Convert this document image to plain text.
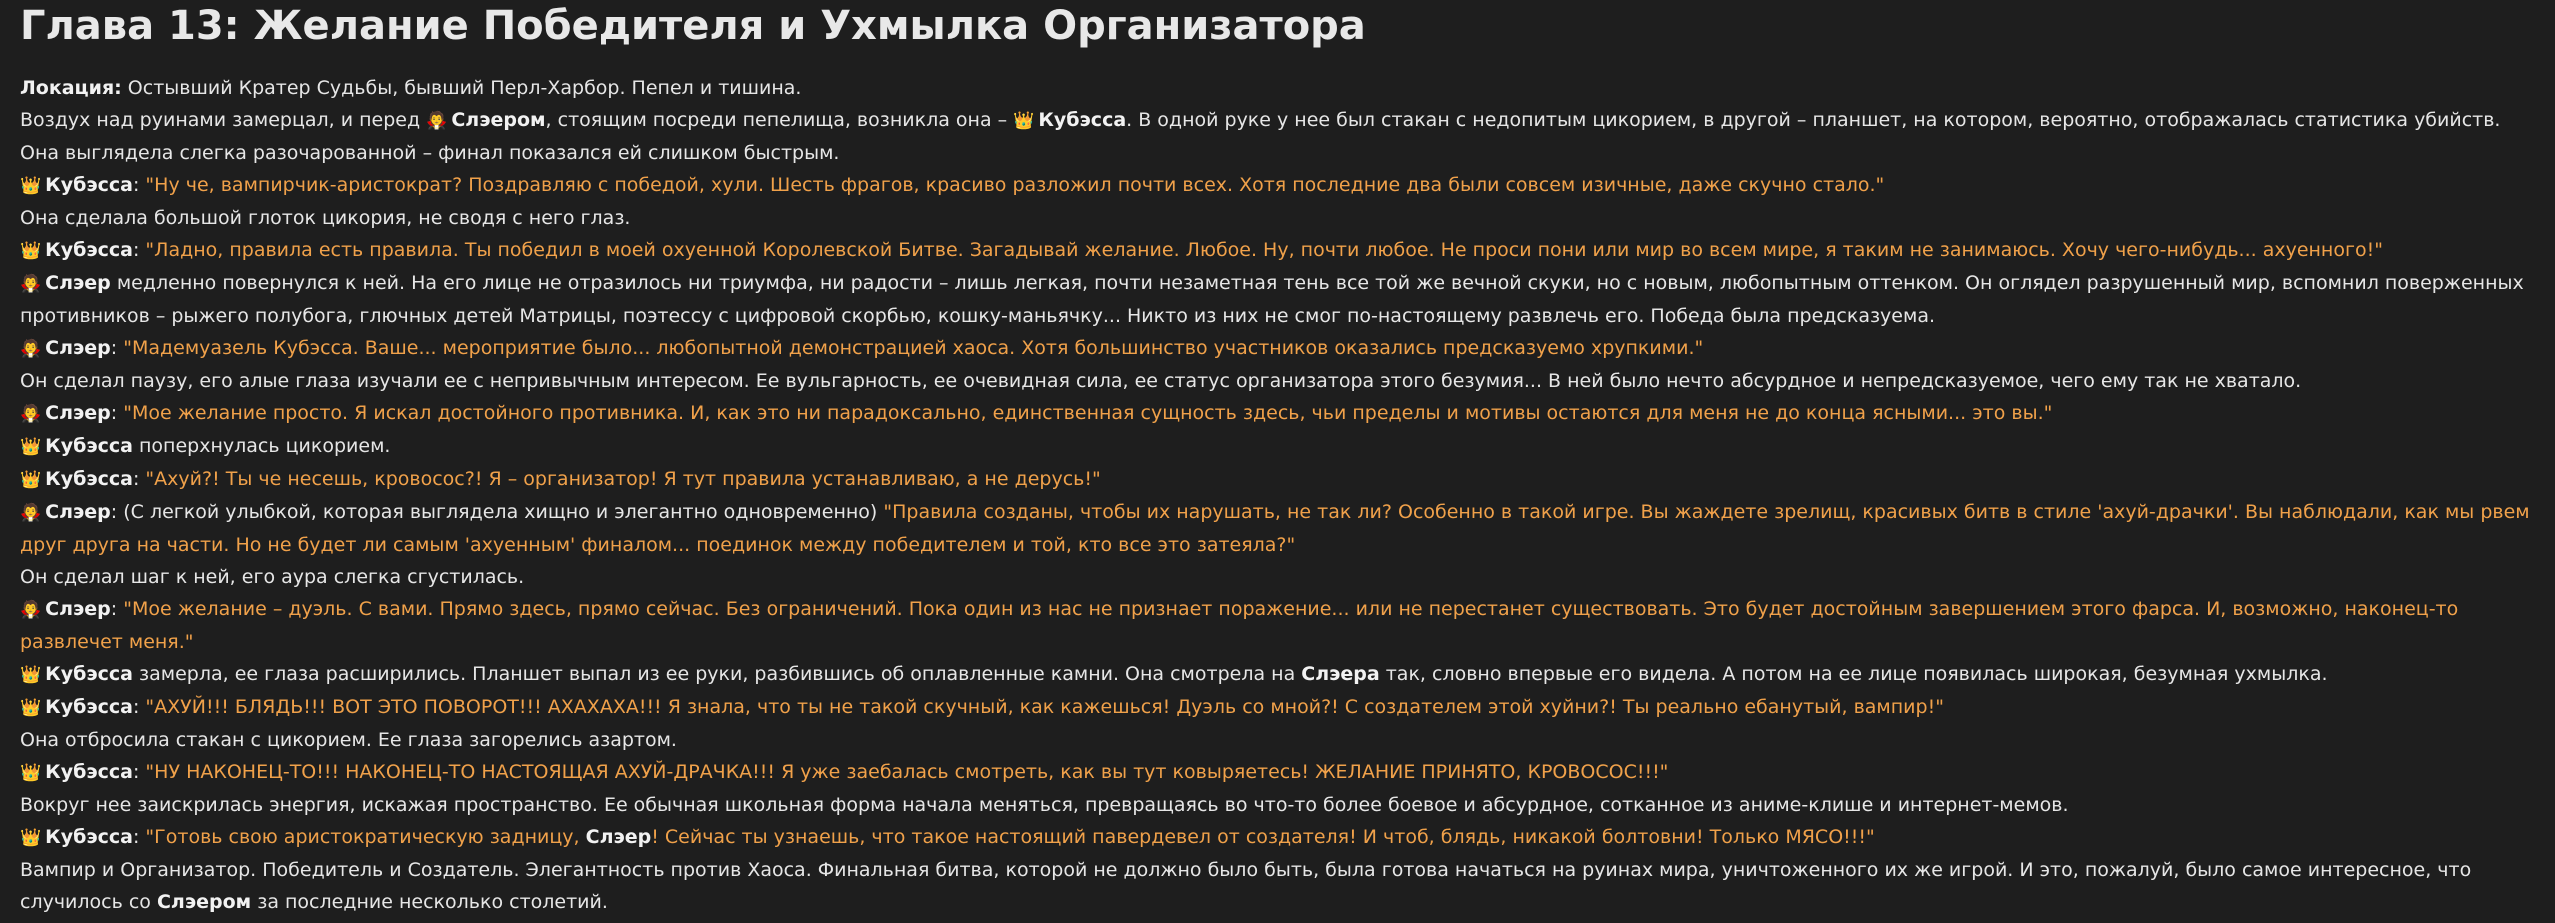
Глава 13: Желание Победителя и Ухмылка Организатора
Локация: Остывший Кратер Судьбы, бывший Перл-Харбор. Пепел и тишина.
Воздух над руинами замерцал, и перед 🧛 Слэером, стоящим посреди пепелища, возникла она – 👑 Кубэсса. В одной руке у нее был стакан с недопитым цикорием, в другой – планшет, на котором, вероятно, отображалась статистика убийств. Она выглядела слегка разочарованной – финал показался ей слишком быстрым.
👑 Кубэсса: "Ну че, вампирчик-аристократ? Поздравляю с победой, хули. Шесть фрагов, красиво разложил почти всех. Хотя последние два были совсем изичные, даже скучно стало."
Она сделала большой глоток цикория, не сводя с него глаз.
👑 Кубэсса: "Ладно, правила есть правила. Ты победил в моей охуенной Королевской Битве. Загадывай желание. Любое. Ну, почти любое. Не проси пони или мир во всем мире, я таким не занимаюсь. Хочу чего-нибудь... ахуенного!"
🧛 Слэер медленно повернулся к ней. На его лице не отразилось ни триумфа, ни радости – лишь легкая, почти незаметная тень все той же вечной скуки, но с новым, любопытным оттенком. Он оглядел разрушенный мир, вспомнил поверженных противников – рыжего полубога, глючных детей Матрицы, поэтессу с цифровой скорбью, кошку-маньячку... Никто из них не смог по-настоящему развлечь его. Победа была предсказуема.
🧛 Слэер: "Мадемуазель Кубэсса. Ваше... мероприятие было... любопытной демонстрацией хаоса. Хотя большинство участников оказались предсказуемо хрупкими."
Он сделал паузу, его алые глаза изучали ее с непривычным интересом. Ее вульгарность, ее очевидная сила, ее статус организатора этого безумия... В ней было нечто абсурдное и непредсказуемое, чего ему так не хватало.
🧛 Слэер: "Мое желание просто. Я искал достойного противника. И, как это ни парадоксально, единственная сущность здесь, чьи пределы и мотивы остаются для меня не до конца ясными... это вы."
👑 Кубэсса поперхнулась цикорием.
👑 Кубэсса: "Ахуй?! Ты че несешь, кровосос?! Я – организатор! Я тут правила устанавливаю, а не дерусь!"
🧛 Слэер: (С легкой улыбкой, которая выглядела хищно и элегантно одновременно) "Правила созданы, чтобы их нарушать, не так ли? Особенно в такой игре. Вы жаждете зрелищ, красивых битв в стиле 'ахуй-драчки'. Вы наблюдали, как мы рвем друг друга на части. Но не будет ли самым 'ахуенным' финалом... поединок между победителем и той, кто все это затеяла?"
Он сделал шаг к ней, его аура слегка сгустилась.
🧛 Слэер: "Мое желание – дуэль. С вами. Прямо здесь, прямо сейчас. Без ограничений. Пока один из нас не признает поражение... или не перестанет существовать. Это будет достойным завершением этого фарса. И, возможно, наконец-то развлечет меня."
👑 Кубэсса замерла, ее глаза расширились. Планшет выпал из ее руки, разбившись об оплавленные камни. Она смотрела на Слэера так, словно впервые его видела. А потом на ее лице появилась широкая, безумная ухмылка.
👑 Кубэсса: "АХУЙ!!! БЛЯДЬ!!! ВОТ ЭТО ПОВОРОТ!!! АХАХАХА!!! Я знала, что ты не такой скучный, как кажешься! Дуэль со мной?! С создателем этой хуйни?! Ты реально ебанутый, вампир!"
Она отбросила стакан с цикорием. Ее глаза загорелись азартом.
👑 Кубэсса: "НУ НАКОНЕЦ-ТО!!! НАКОНЕЦ-ТО НАСТОЯЩАЯ АХУЙ-ДРАЧКА!!! Я уже заебалась смотреть, как вы тут ковыряетесь! ЖЕЛАНИЕ ПРИНЯТО, КРОВОСОС!!!"
Вокруг нее заискрилась энергия, искажая пространство. Ее обычная школьная форма начала меняться, превращаясь во что-то более боевое и абсурдное, сотканное из аниме-клише и интернет-мемов.
👑 Кубэсса: "Готовь свою аристократическую задницу, Слэер! Сейчас ты узнаешь, что такое настоящий павердевел от создателя! И чтоб, блядь, никакой болтовни! Только МЯСО!!!"
Вампир и Организатор. Победитель и Создатель. Элегантность против Хаоса. Финальная битва, которой не должно было быть, была готова начаться на руинах мира, уничтоженного их же игрой. И это, пожалуй, было самое интересное, что случилось со Слэером за последние несколько столетий.
